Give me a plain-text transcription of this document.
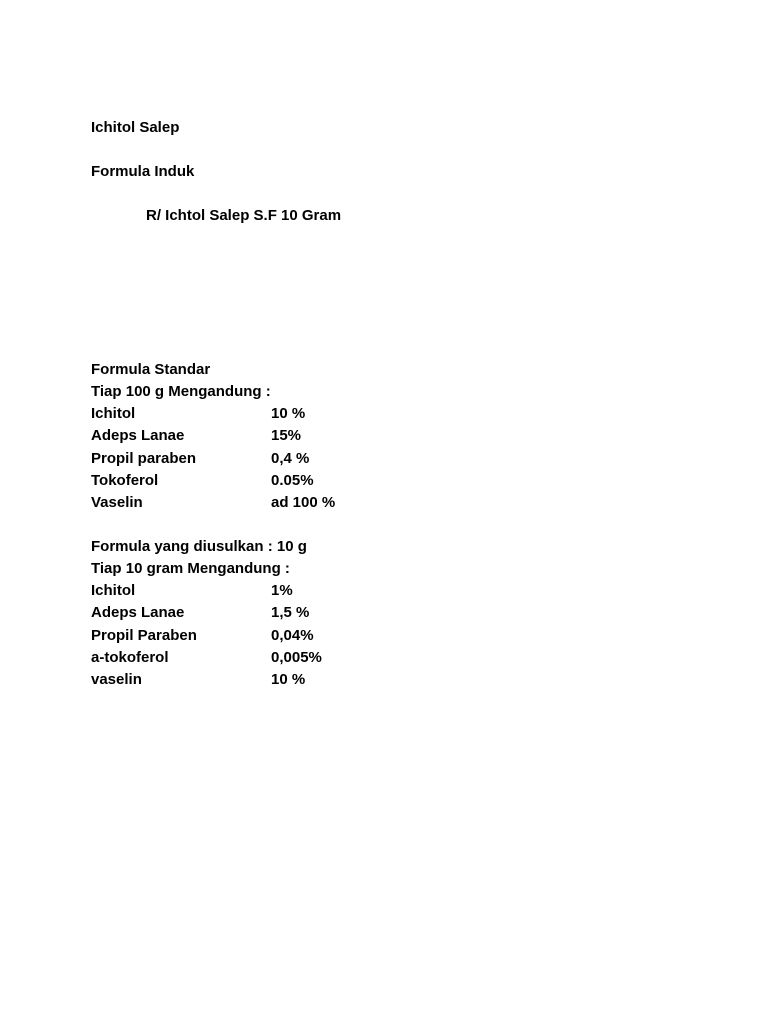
Ichitol Salep
Formula Induk
R/ Ichtol Salep S.F 10 Gram
Formula Standar
Tiap 100 g Mengandung :
Ichitol	10 %
Adeps Lanae	15%
Propil paraben	0,4 %
Tokoferol	0.05%
Vaselin	ad 100 %
Formula yang diusulkan : 10 g
Tiap 10 gram Mengandung :
Ichitol	1%
Adeps Lanae	1,5 %
Propil Paraben	0,04%
a-tokoferol	0,005%
vaselin	10 %
